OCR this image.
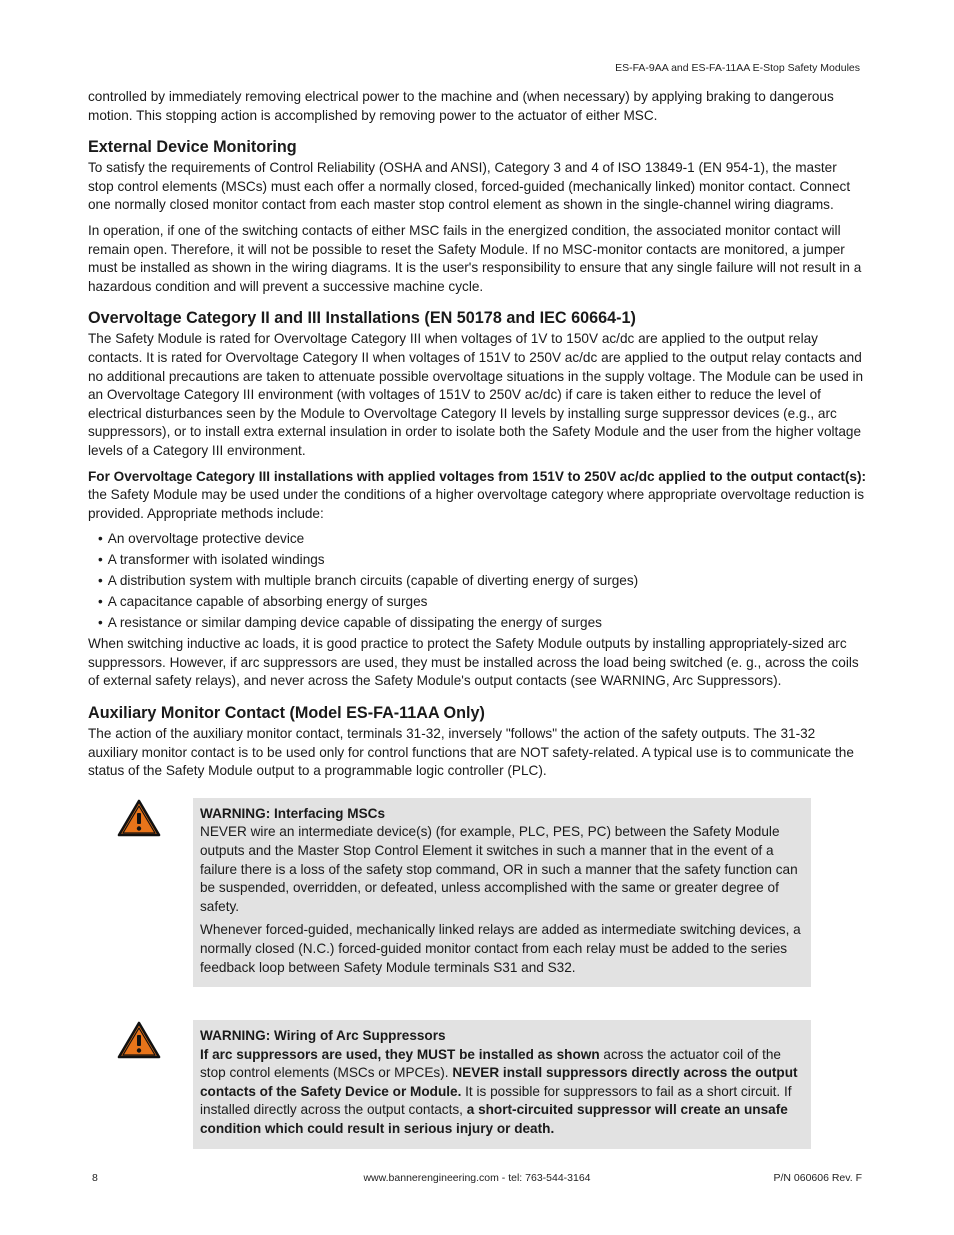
ES-FA-9AA and ES-FA-11AA E-Stop Safety Modules

controlled by immediately removing electrical power to the machine and (when necessary) by applying braking to dangerous motion. This stopping action is accomplished by removing power to the actuator of either MSC.

External Device Monitoring

To satisfy the requirements of Control Reliability (OSHA and ANSI), Category 3 and 4 of ISO 13849-1 (EN 954-1), the master stop control elements (MSCs) must each offer a normally closed, forced-guided (mechanically linked) monitor contact. Connect one normally closed monitor contact from each master stop control element as shown in the single-channel wiring diagrams.

In operation, if one of the switching contacts of either MSC fails in the energized condition, the associated monitor contact will remain open. Therefore, it will not be possible to reset the Safety Module. If no MSC-monitor contacts are monitored, a jumper must be installed as shown in the wiring diagrams. It is the user's responsibility to ensure that any single failure will not result in a hazardous condition and will prevent a successive machine cycle.

Overvoltage Category II and III Installations (EN 50178 and IEC 60664-1)

The Safety Module is rated for Overvoltage Category III when voltages of 1V to 150V ac/dc are applied to the output relay contacts. It is rated for Overvoltage Category II when voltages of 151V to 250V ac/dc are applied to the output relay contacts and no additional precautions are taken to attenuate possible overvoltage situations in the supply voltage. The Module can be used in an Overvoltage Category III environment (with voltages of 151V to 250V ac/dc) if care is taken either to reduce the level of electrical disturbances seen by the Module to Overvoltage Category II levels by installing surge suppressor devices (e.g., arc suppressors), or to install extra external insulation in order to isolate both the Safety Module and the user from the higher voltage levels of a Category III environment.

For Overvoltage Category III installations with applied voltages from 151V to 250V ac/dc applied to the output contact(s): the Safety Module may be used under the conditions of a higher overvoltage category where appropriate overvoltage reduction is provided. Appropriate methods include:

• An overvoltage protective device
• A transformer with isolated windings
• A distribution system with multiple branch circuits (capable of diverting energy of surges)
• A capacitance capable of absorbing energy of surges
• A resistance or similar damping device capable of dissipating the energy of surges

When switching inductive ac loads, it is good practice to protect the Safety Module outputs by installing appropriately-sized arc suppressors. However, if arc suppressors are used, they must be installed across the load being switched (e. g., across the coils of external safety relays), and never across the Safety Module's output contacts (see WARNING, Arc Suppressors).

Auxiliary Monitor Contact (Model ES-FA-11AA Only)

The action of the auxiliary monitor contact, terminals 31-32, inversely "follows" the action of the safety outputs. The 31-32 auxiliary monitor contact is to be used only for control functions that are NOT safety-related. A typical use is to communicate the status of the Safety Module output to a programmable logic controller (PLC).

WARNING: Interfacing MSCs
NEVER wire an intermediate device(s) (for example, PLC, PES, PC) between the Safety Module outputs and the Master Stop Control Element it switches in such a manner that in the event of a failure there is a loss of the safety stop command, OR in such a manner that the safety function can be suspended, overridden, or defeated, unless accomplished with the same or greater degree of safety.

Whenever forced-guided, mechanically linked relays are added as intermediate switching devices, a normally closed (N.C.) forced-guided monitor contact from each relay must be added to the series feedback loop between Safety Module terminals S31 and S32.

WARNING: Wiring of Arc Suppressors
If arc suppressors are used, they MUST be installed as shown across the actuator coil of the stop control elements (MSCs or MPCEs). NEVER install suppressors directly across the output contacts of the Safety Device or Module. It is possible for suppressors to fail as a short circuit. If installed directly across the output contacts, a short-circuited suppressor will create an unsafe condition which could result in serious injury or death.

8	www.bannerengineering.com - tel: 763-544-3164	P/N 060606 Rev. F
